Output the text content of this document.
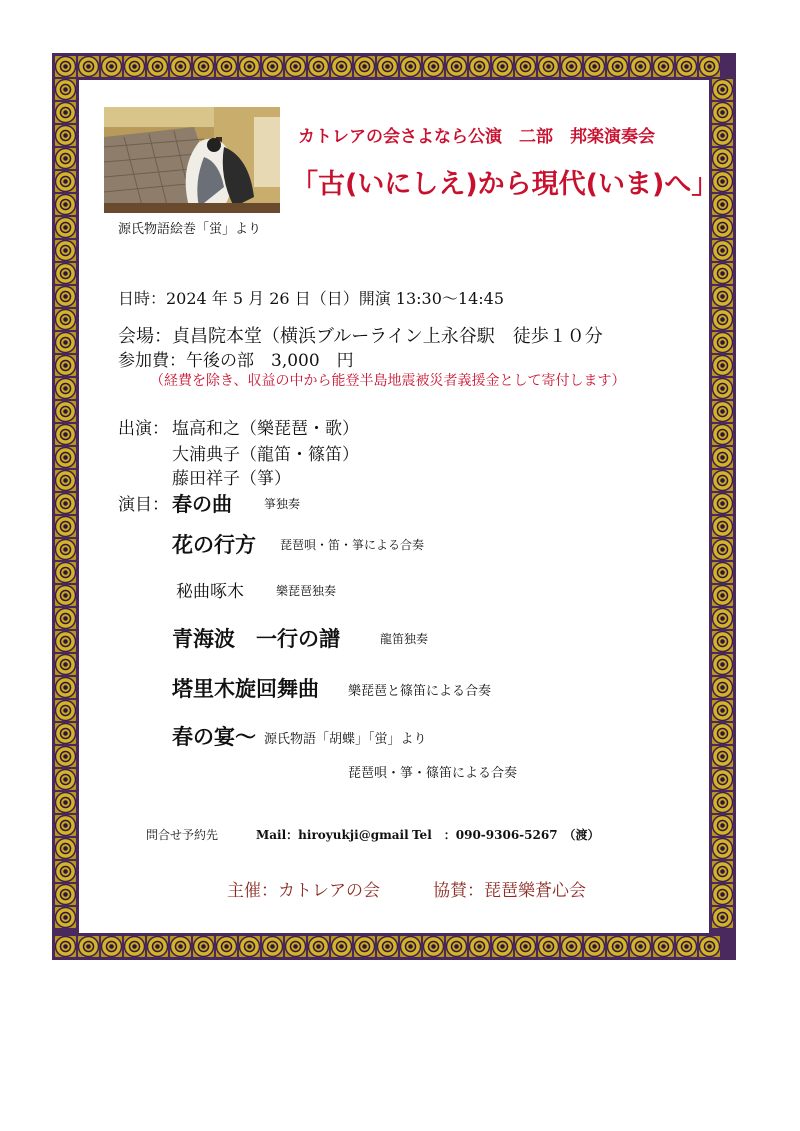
源氏物語絵巻「蛍」より
カトレアの会さよなら公演　二部　邦楽演奏会
「古(いにしえ)から現代(いま)へ」
日時：2024 年 5 月 26 日（日）開演 13:30～14:45
会場：貞昌院本堂（横浜ブルーライン上永谷駅　徒歩１０分
参加費：午後の部　3,000　円
（経費を除き、収益の中から能登半島地震被災者義援金として寄付します）
出演： 塩高和之（樂琵琶・歌）
大浦典子（龍笛・篠笛）
藤田祥子（箏）
演目： 春の曲	箏独奏
花の行方 琵琶唄・笛・箏による合奏
秘曲啄木	樂琵琶独奏
青海波　一行の譜	龍笛独奏
塔里木旋回舞曲 樂琵琶と篠笛による合奏
春の宴～ 源氏物語「胡蝶」「蛍」より
琵琶唄・箏・篠笛による合奏
問合せ予約先	Mail：hiroyukji@gmail Tel　：090-9306-5267　（渡）
主催：カトレアの会	協賛：琵琶樂蒼心会
